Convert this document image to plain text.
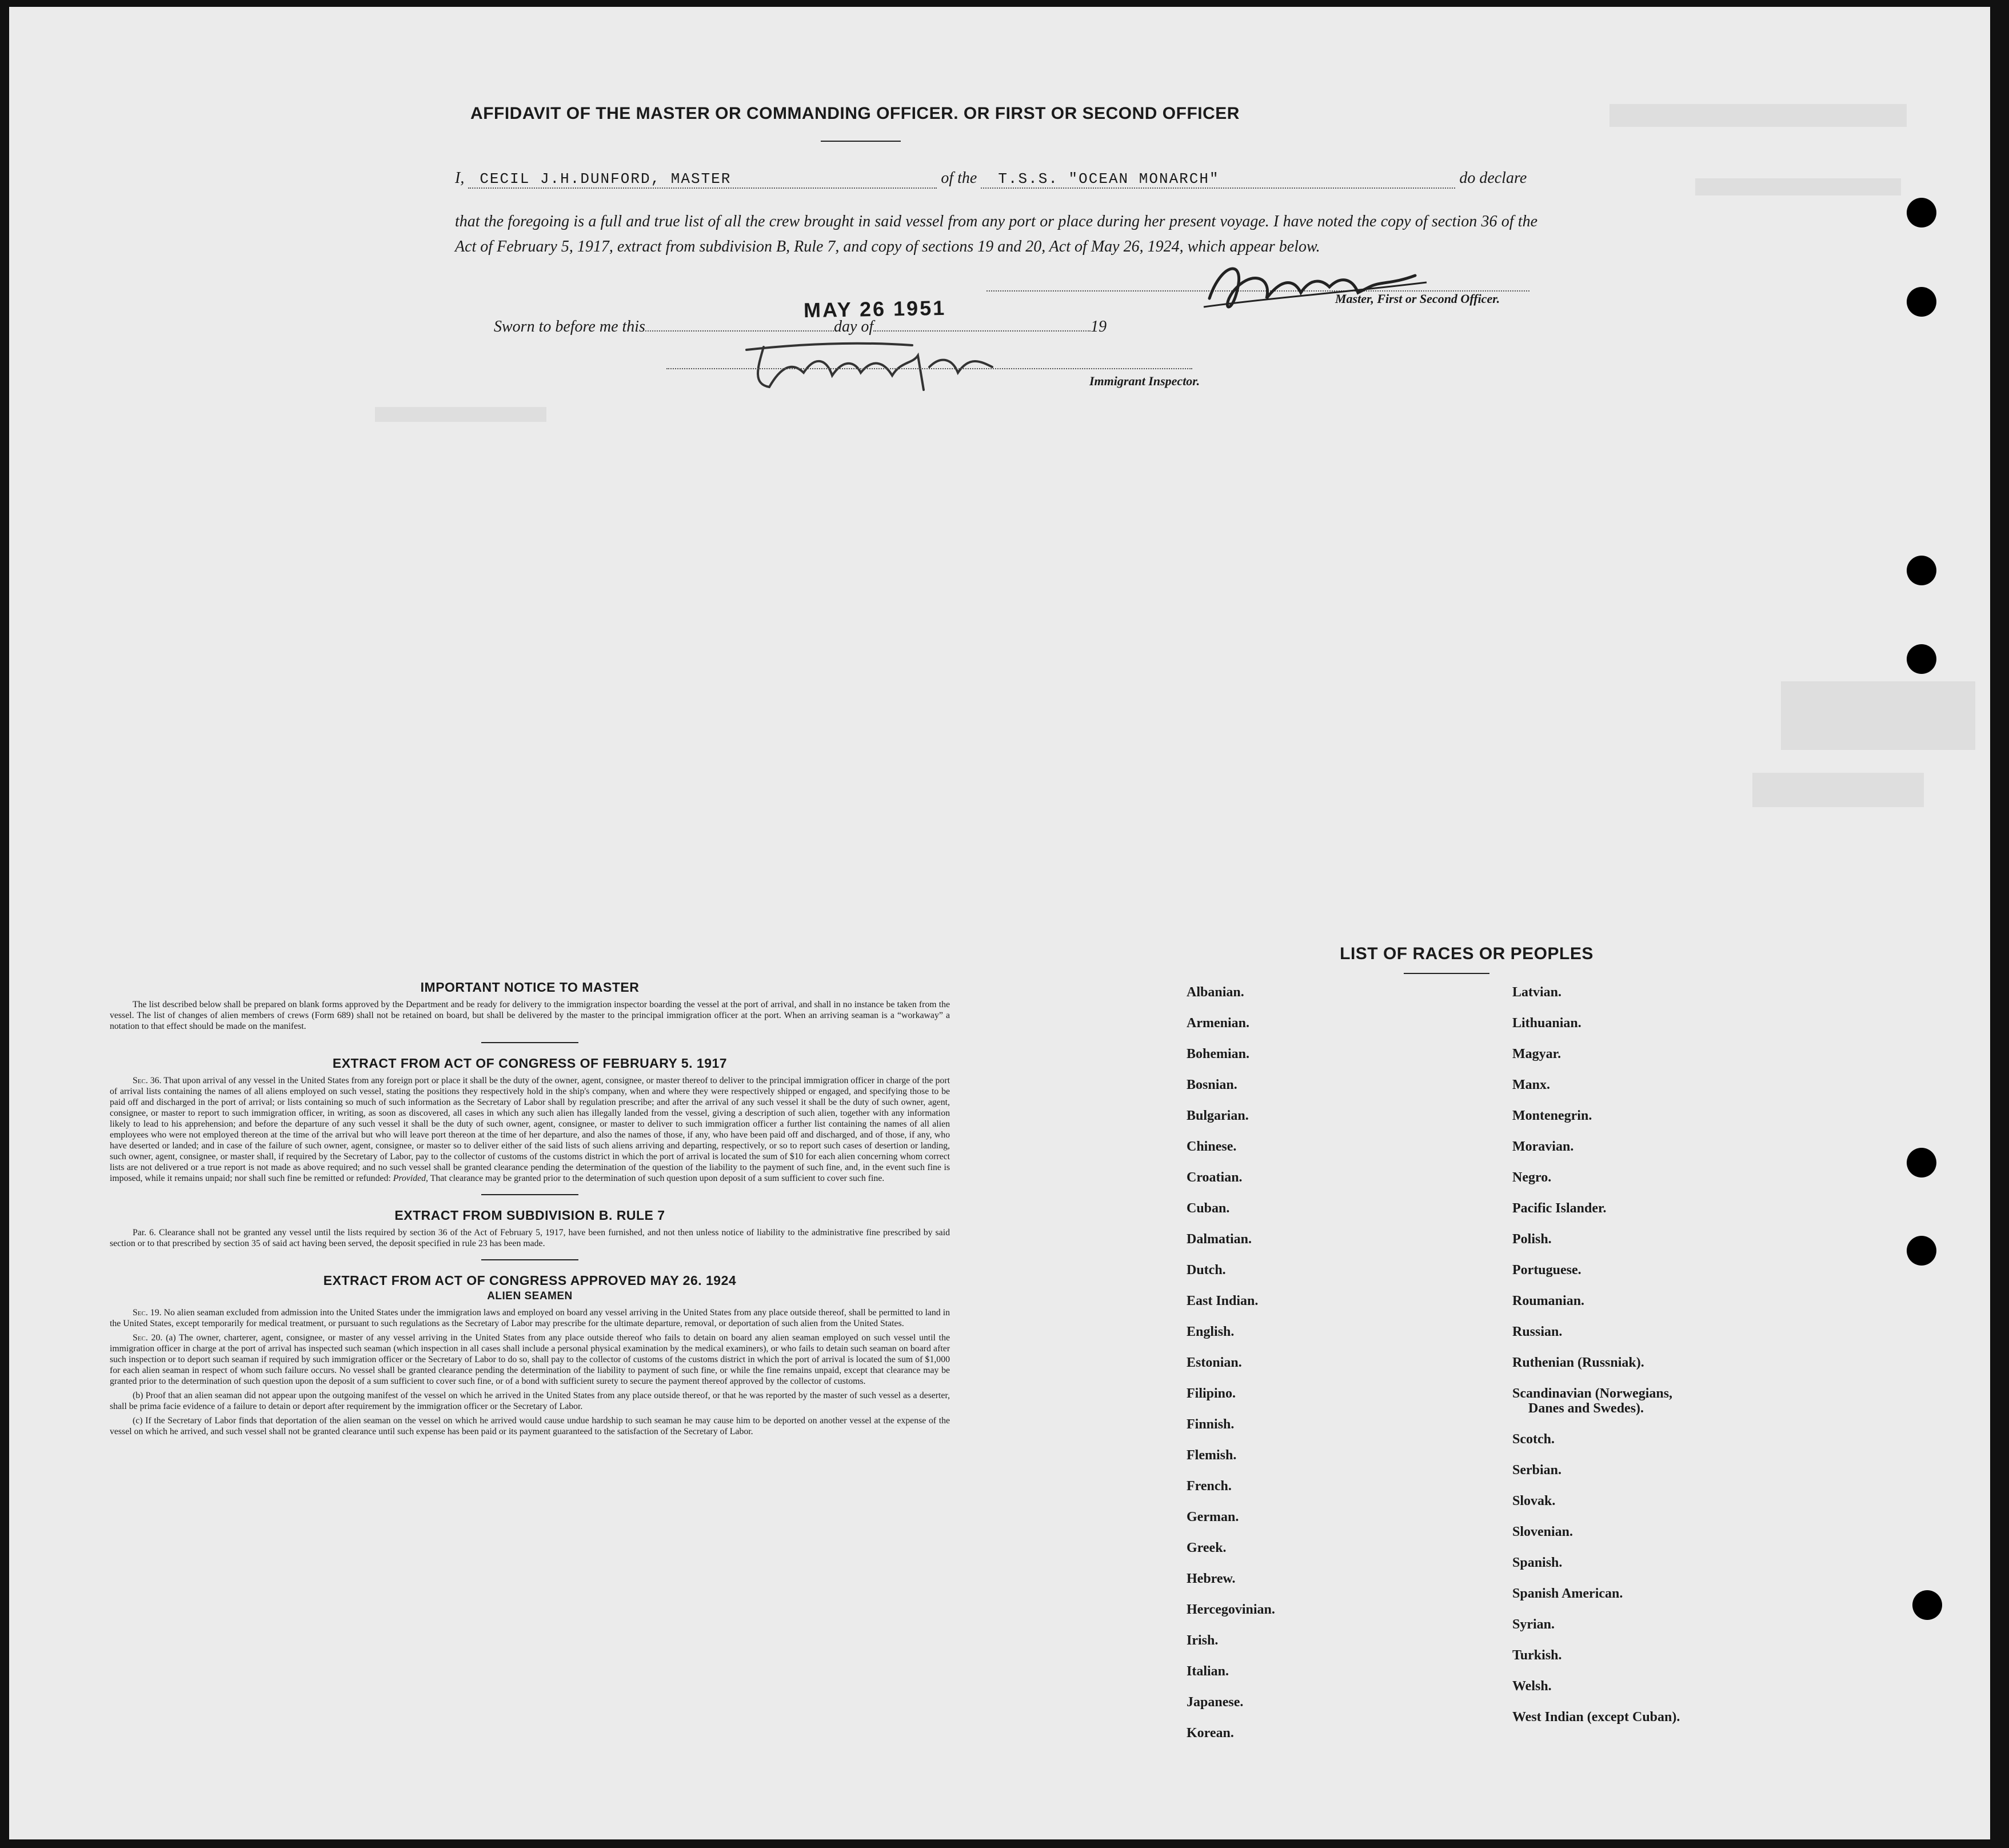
AFFIDAVIT OF THE MASTER OR COMMANDING OFFICER. OR FIRST OR SECOND OFFICER
I, CECIL J.H.DUNFORD, MASTER	of the T.S.S. "OCEAN MONARCH"	do declare

that the foregoing is a full and true list of all the crew brought in said vessel from any port or place during her present voyage. I have noted the copy of section 36 of the Act of February 5, 1917, extract from subdivision B, Rule 7, and copy of sections 19 and 20, Act of May 26, 1924, which appear below.

Master, First or Second Officer.
MAY 26 1951
Sworn to before me this	day of	19
Immigrant Inspector.
IMPORTANT NOTICE TO MASTER

The list described below shall be prepared on blank forms approved by the Department and be ready for delivery to the immigration inspector boarding the vessel at the port of arrival, and shall in no instance be taken from the vessel. The list of changes of alien members of crews (Form 689) shall not be retained on board, but shall be delivered by the master to the principal immigration officer at the port. When an arriving seaman is a “workaway” a notation to that effect should be made on the manifest.

EXTRACT FROM ACT OF CONGRESS OF FEBRUARY 5. 1917

Sec. 36. That upon arrival of any vessel in the United States from any foreign port or place it shall be the duty of the owner, agent, consignee, or master thereof to deliver to the principal immigration officer in charge of the port of arrival lists containing the names of all aliens employed on such vessel, stating the positions they respectively hold in the ship's company, when and where they were respectively shipped or engaged, and specifying those to be paid off and discharged in the port of arrival; or lists containing so much of such information as the Secretary of Labor shall by regulation prescribe; and after the arrival of any such vessel it shall be the duty of such owner, agent, consignee, or master to report to such immigration officer, in writing, as soon as discovered, all cases in which any such alien has illegally landed from the vessel, giving a description of such alien, together with any information likely to lead to his apprehension; and before the departure of any such vessel it shall be the duty of such owner, agent, consignee, or master to deliver to such immigration officer a further list containing the names of all alien employees who were not employed thereon at the time of the arrival but who will leave port thereon at the time of her departure, and also the names of those, if any, who have been paid off and discharged, and of those, if any, who have deserted or landed; and in case of the failure of such owner, agent, consignee, or master so to deliver either of the said lists of such aliens arriving and departing, respectively, or so to report such cases of desertion or landing, such owner, agent, consignee, or master shall, if required by the Secretary of Labor, pay to the collector of customs of the customs district in which the port of arrival is located the sum of $10 for each alien concerning whom correct lists are not delivered or a true report is not made as above required; and no such vessel shall be granted clearance pending the determination of the question of the liability to the payment of such fine, and, in the event such fine is imposed, while it remains unpaid; nor shall such fine be remitted or refunded: Provided, That clearance may be granted prior to the determination of such question upon deposit of a sum sufficient to cover such fine.

EXTRACT FROM SUBDIVISION B. RULE 7

Par. 6. Clearance shall not be granted any vessel until the lists required by section 36 of the Act of February 5, 1917, have been furnished, and not then unless notice of liability to the administrative fine prescribed by said section or to that prescribed by section 35 of said act having been served, the deposit specified in rule 23 has been made.

EXTRACT FROM ACT OF CONGRESS APPROVED MAY 26. 1924
ALIEN SEAMEN

Sec. 19. No alien seaman excluded from admission into the United States under the immigration laws and employed on board any vessel arriving in the United States from any place outside thereof, shall be permitted to land in the United States, except temporarily for medical treatment, or pursuant to such regulations as the Secretary of Labor may prescribe for the ultimate departure, removal, or deportation of such alien from the United States.

Sec. 20. (a) The owner, charterer, agent, consignee, or master of any vessel arriving in the United States from any place outside thereof who fails to detain on board any alien seaman employed on such vessel until the immigration officer in charge at the port of arrival has inspected such seaman (which inspection in all cases shall include a personal physical examination by the medical examiners), or who fails to detain such seaman on board after such inspection or to deport such seaman if required by such immigration officer or the Secretary of Labor to do so, shall pay to the collector of customs of the customs district in which the port of arrival is located the sum of $1,000 for each alien seaman in respect of whom such failure occurs. No vessel shall be granted clearance pending the determination of the liability to payment of such fine, or while the fine remains unpaid, except that clearance may be granted prior to the determination of such question upon the deposit of a sum sufficient to cover such fine, or of a bond with sufficient surety to secure the payment thereof approved by the collector of customs.

(b) Proof that an alien seaman did not appear upon the outgoing manifest of the vessel on which he arrived in the United States from any place outside thereof, or that he was reported by the master of such vessel as a deserter, shall be prima facie evidence of a failure to detain or deport after requirement by the immigration officer or the Secretary of Labor.

(c) If the Secretary of Labor finds that deportation of the alien seaman on the vessel on which he arrived would cause undue hardship to such seaman he may cause him to be deported on another vessel at the expense of the vessel on which he arrived, and such vessel shall not be granted clearance until such expense has been paid or its payment guaranteed to the satisfaction of the Secretary of Labor.

LIST OF RACES OR PEOPLES
Albanian.
Armenian.
Bohemian.
Bosnian.
Bulgarian.
Chinese.
Croatian.
Cuban.
Dalmatian.
Dutch.
East Indian.
English.
Estonian.
Filipino.
Finnish.
Flemish.
French.
German.
Greek.
Hebrew.
Hercegovinian.
Irish.
Italian.
Japanese.
Korean.
Latvian.
Lithuanian.
Magyar.
Manx.
Montenegrin.
Moravian.
Negro.
Pacific Islander.
Polish.
Portuguese.
Roumanian.
Russian.
Ruthenian (Russniak).
Scandinavian (Norwegians,
Danes and Swedes).
Scotch.
Serbian.
Slovak.
Slovenian.
Spanish.
Spanish American.
Syrian.
Turkish.
Welsh.
West Indian (except Cuban).
